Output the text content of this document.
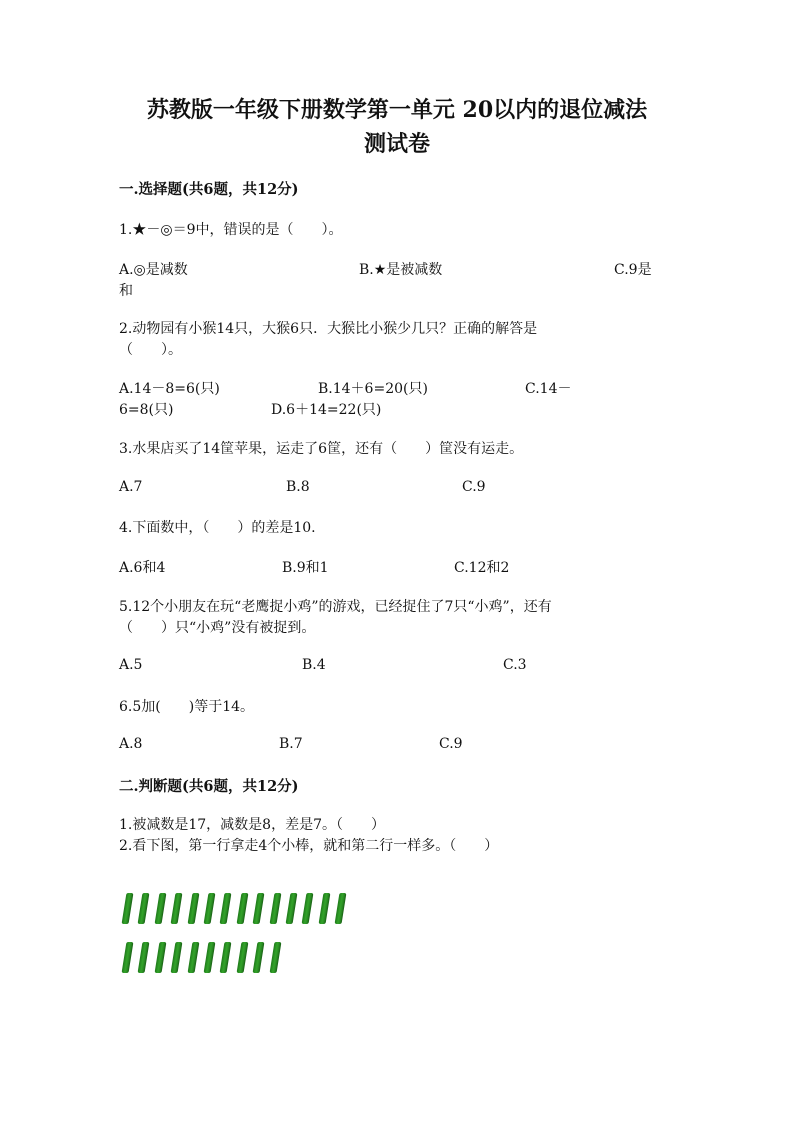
苏教版一年级下册数学第一单元 20以内的退位减法
测试卷
一.选择题(共6题，共12分)
1.★－◎＝9中，错误的是（　　）。
A.◎是减数	B.★是被减数	C.9是
和
2.动物园有小猴14只，大猴6只．大猴比小猴少几只？正确的解答是
（　　）。
A.14－8=6(只)	B.14＋6=20(只)	C.14－
6=8(只)	D.6＋14=22(只)
3.水果店买了14筐苹果，运走了6筐，还有（　　）筐没有运走。
A.7	B.8	C.9
4.下面数中，（　　）的差是10.
A.6和4	B.9和1	C.12和2
5.12个小朋友在玩“老鹰捉小鸡”的游戏，已经捉住了7只“小鸡”，还有
（　　）只“小鸡”没有被捉到。
A.5	B.4	C.3
6.5加(　　)等于14。
A.8	B.7	C.9
二.判断题(共6题，共12分)
1.被减数是17，减数是8，差是7。（　　）
2.看下图，第一行拿走4个小棒，就和第二行一样多。（　　）
